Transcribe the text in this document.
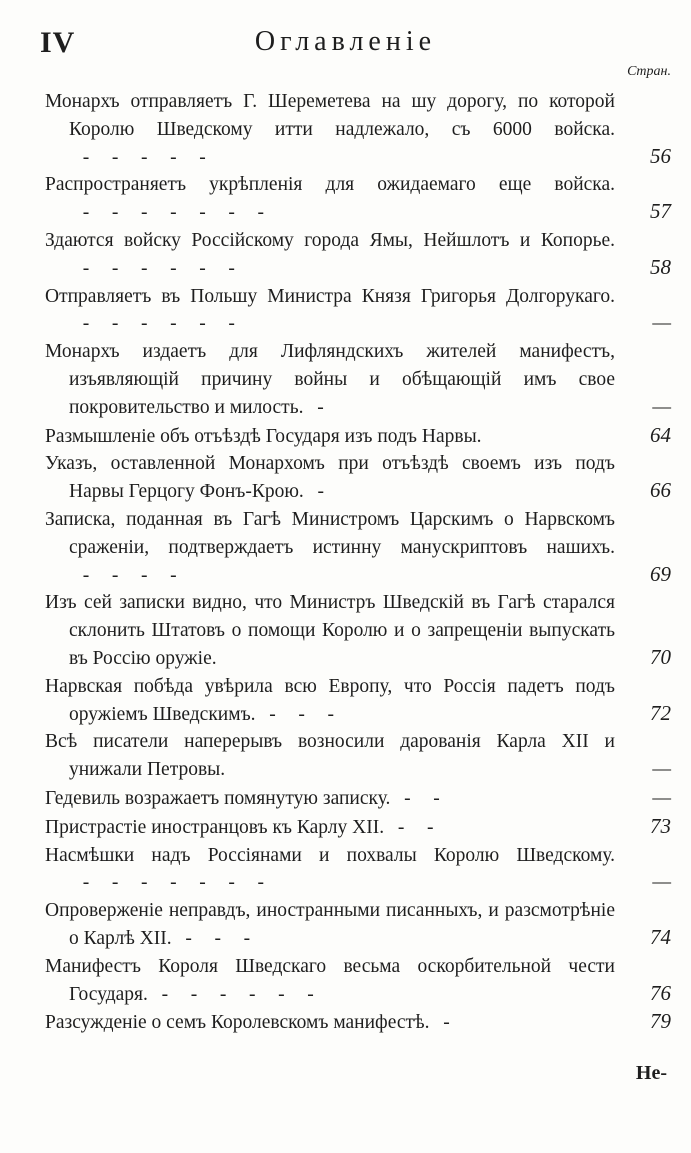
IV	Оглавленіе
Cтран.
Монархъ отправляетъ Г. Шереметева на шу дорогу, по которой Королю Шведскому итти надлежало, съ 6000 войска.  -   -   -   -   -	56
Распространяетъ укрѣпленія для ожидаемаго еще войска.  -   -   -   -   -   -   -	57
Здаются войску Россійскому города Ямы, Нейшлотъ и Копорье.  -   -   -   -   -   -	58
Отправляетъ въ Польшу Министра Князя Григорья Долгорукаго.  -   -   -   -   -   -	—
Монархъ издаетъ для Лифляндскихъ жителей манифестъ, изъявляющій причину войны и обѣщающій имъ свое покровительство и милость.  -	—
Размышленіе объ отъѣздѣ Государя изъ подъ Нарвы.	64
Указъ, оставленной Монархомъ при отъѣздѣ своемъ изъ подъ Нарвы Герцогу Фонъ-Крою.  -	66
Записка, поданная въ Гагѣ Министромъ Царскимъ о Нарвскомъ сраженіи, подтверждаетъ истинну манускриптовъ нашихъ.  -   -   -   -	69
Изъ сей записки видно, что Министръ Шведскій въ Гагѣ старался склонить Штатовъ о помощи Королю и о запрещеніи выпускать въ Россію оружіе.	70
Нарвская побѣда увѣрила всю Европу, что Россія падетъ подъ оружіемъ Шведскимъ.  -   -   -	72
Всѣ писатели наперерывъ возносили дарованія Карла XII и унижали Петровы.	—
Гедевиль возражаетъ помянутую записку.  -   -	—
Пристрастіе иностранцовъ къ Карлу XII.  -   -	73
Насмѣшки надъ Россіянами и похвалы Королю Шведскому.  -   -   -   -   -   -   -	—
Опроверженіе неправдъ, иностранными писанныхъ, и разсмотрѣніе о Карлѣ XII.  -   -   -	74
Манифестъ Короля Шведскаго весьма оскорбительной чести Государя.  -   -   -   -   -   -	76
Разсужденіе о семъ Королевскомъ манифестѣ.  -	79
Не-
